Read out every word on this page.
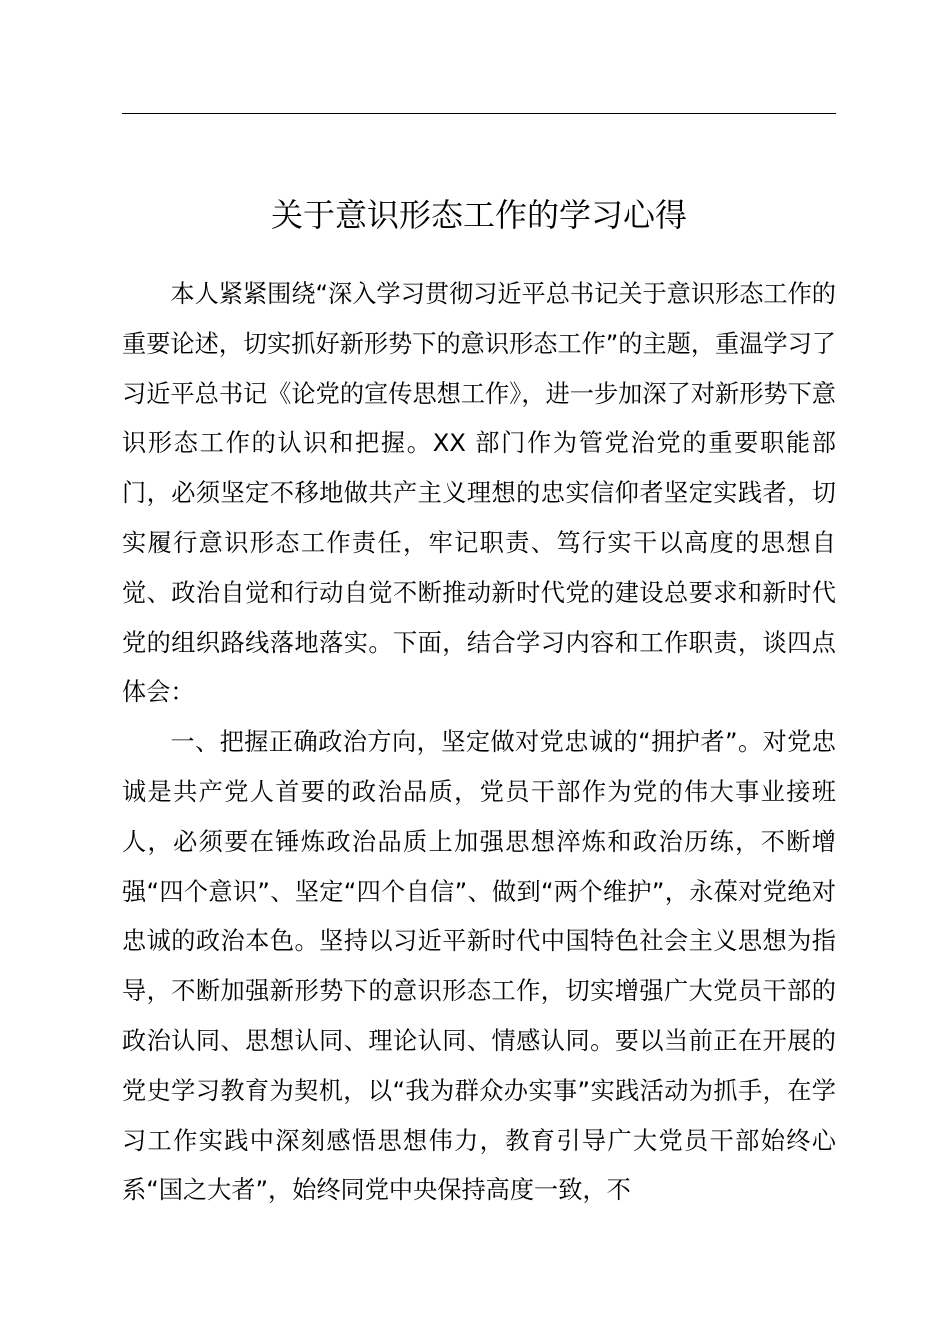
关于意识形态工作的学习心得

本人紧紧围绕“深入学习贯彻习近平总书记关于意识形态工作的重要论述，切实抓好新形势下的意识形态工作”的主题，重温学习了习近平总书记《论党的宣传思想工作》，进一步加深了对新形势下意识形态工作的认识和把握。XX 部门作为管党治党的重要职能部门，必须坚定不移地做共产主义理想的忠实信仰者坚定实践者，切实履行意识形态工作责任，牢记职责、笃行实干以高度的思想自觉、政治自觉和行动自觉不断推动新时代党的建设总要求和新时代党的组织路线落地落实。下面，结合学习内容和工作职责，谈四点体会：

一、把握正确政治方向，坚定做对党忠诚的“拥护者”。对党忠诚是共产党人首要的政治品质，党员干部作为党的伟大事业接班人，必须要在锤炼政治品质上加强思想淬炼和政治历练，不断增强“四个意识”、坚定“四个自信”、做到“两个维护”，永葆对党绝对忠诚的政治本色。坚持以习近平新时代中国特色社会主义思想为指导，不断加强新形势下的意识形态工作，切实增强广大党员干部的政治认同、思想认同、理论认同、情感认同。要以当前正在开展的党史学习教育为契机，以“我为群众办实事”实践活动为抓手，在学习工作实践中深刻感悟思想伟力，教育引导广大党员干部始终心系“国之大者”，始终同党中央保持高度一致，不
